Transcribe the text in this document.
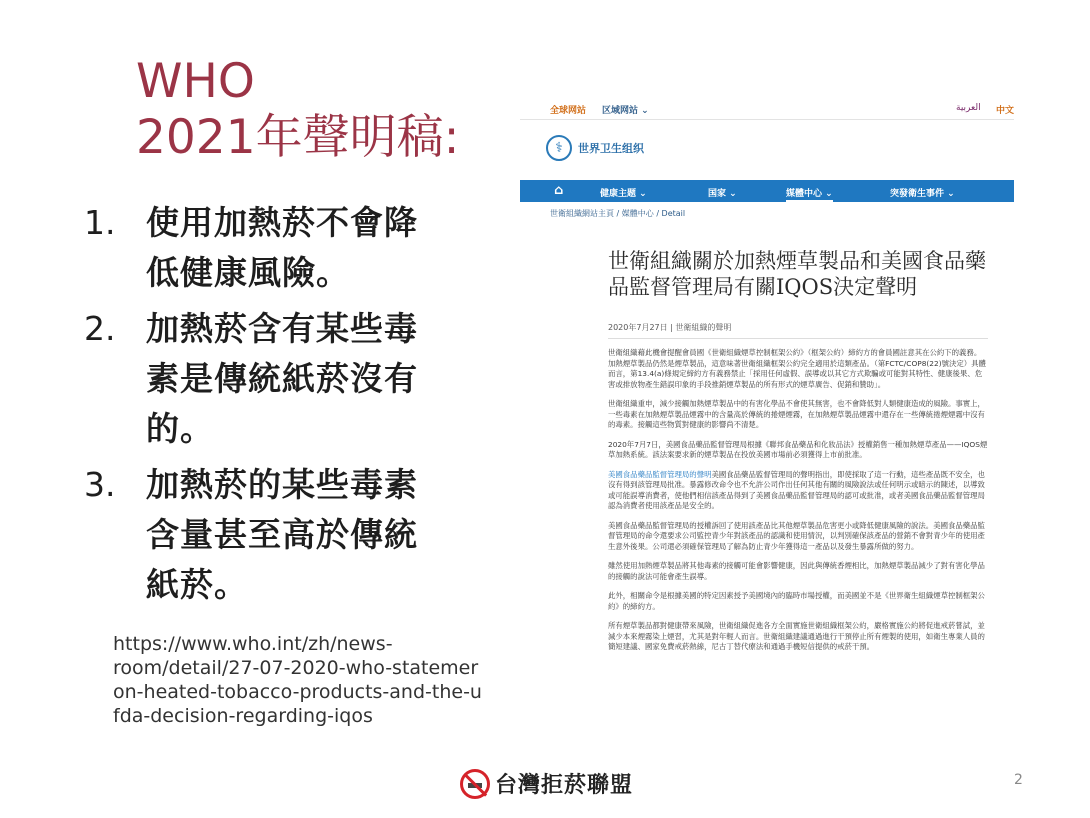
WHO
2021年聲明稿:
1. 使用加熱菸不會降
低健康風險。
2. 加熱菸含有某些毒
素是傳統紙菸沒有
的。
3. 加熱菸的某些毒素
含量甚至高於傳統
紙菸。
https://www.who.int/zh/news-
room/detail/27-07-2020-who-statemer
on-heated-tobacco-products-and-the-u
fda-decision-regarding-iqos
全球网站 区域网站 ⌄	العربية 中文
⚕	世界卫生组织
⌂	健康主题 ⌄	国家 ⌄	媒體中心 ⌄	突發衛生事件 ⌄
世衛組織網站主頁 / 媒體中心 / Detail
世衛組織關於加熱煙草製品和美國食品藥品監督管理局有關IQOS決定聲明
2020年7月27日 | 世衛組織的聲明
世衛組織藉此機會提醒會員國《世衛組織煙草控制框架公約》（框架公約）締約方的會員國註意其在公約下的義務。加熱煙草製品仍然是煙草製品，這意味著世衛組織框架公約完全適用於這類產品。（第FCTC/COP8(22)號決定）具體而言，第13.4(a)條規定締約方有義務禁止「採用任何虛假、誤導或以其它方式欺騙或可能對其特性、健康後果、危害或排放物產生錯誤印象的手段推銷煙草製品的所有形式的煙草廣告、促銷和贊助」。
世衛組織重申，減少接觸加熱煙草製品中的有害化學品不會使其無害，也不會降低對人類健康造成的風險。事實上，一些毒素在加熱煙草製品煙霧中的含量高於傳統的捲煙煙霧，在加熱煙草製品煙霧中還存在一些傳統捲煙煙霧中沒有的毒素。接觸這些物質對健康的影響尚不清楚。
2020年7月7日，美國食品藥品監督管理局根據《聯邦食品藥品和化妝品法》授權銷售一種加熱煙草產品——IQOS煙草加熱系統。該法案要求新的煙草製品在投放美國市場前必須獲得上市前批准。
美國食品藥品監督管理局的聲明美國食品藥品監督管理局的聲明指出，即使採取了這一行動，這些產品既不安全，也沒有得到該管理局批准。暴露修改命令也不允許公司作出任何其他有關的風險說法或任何明示或暗示的陳述，以導致或可能誤導消費者，使他們相信該產品得到了美國食品藥品監督管理局的認可或批准，或者美國食品藥品監督管理局認為消費者使用該產品是安全的。
美國食品藥品監督管理局的授權訴回了使用該產品比其他煙草製品危害更小或降低健康風險的說法。美國食品藥品監督管理局的命令還要求公司監控青少年對該產品的認識和使用情況，以判別確保該產品的營銷不會對青少年的使用產生意外後果。公司還必須確保管理局了解為防止青少年獲得這一產品以及發生暴露所做的努力。
雖然使用加熱煙草製品將其他毒素的接觸可能會影響健康，因此與傳統香煙相比，加熱煙草製品減少了對有害化學品的接觸的說法可能會產生誤導。
此外，相關命令是根據美國的特定因素授予美國境內的臨時市場授權，而美國並不是《世界衛生組織煙草控制框架公約》的締約方。
所有煙草製品都對健康帶來風險，世衛組織促進各方全面實施世衛組織框架公約，嚴格實施公約將促進戒菸嘗試，並減少本來煙霧染上煙習，尤其是對年輕人而言。世衛組織建議通過進行干預停止所有煙製的使用，如衛生專業人員的簡短建議、國家免費戒菸熱線，尼古丁替代療法和通過手機短信提供的戒菸干預。
台灣拒菸聯盟	2
